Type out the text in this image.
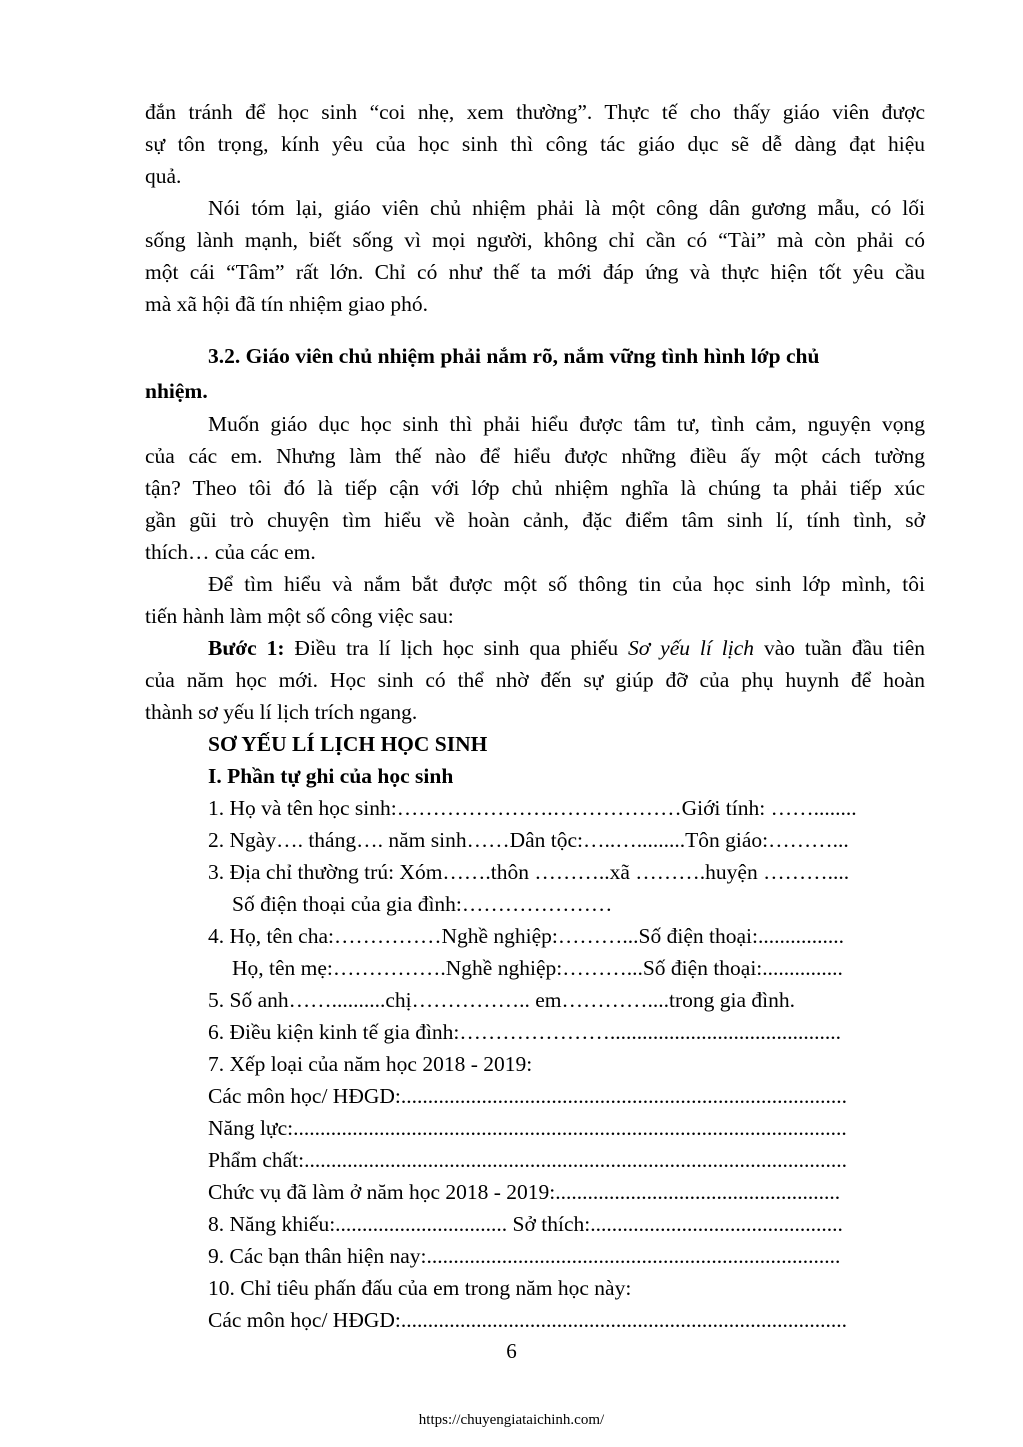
đắn tránh để học sinh “coi nhẹ, xem thường”. Thực tế cho thấy giáo viên được
sự tôn trọng, kính yêu của học sinh thì công tác giáo dục sẽ dễ dàng đạt hiệu
quả.
Nói tóm lại, giáo viên chủ nhiệm phải là một công dân gương mẫu, có lối
sống lành mạnh, biết sống vì mọi người, không chỉ cần có “Tài” mà còn phải có
một cái “Tâm” rất lớn. Chỉ có như thế ta mới đáp ứng và thực hiện tốt yêu cầu
mà xã hội đã tín nhiệm giao phó.
3.2. Giáo viên chủ nhiệm phải nắm rõ, nắm vững tình hình lớp chủ
nhiệm.
Muốn giáo dục học sinh thì phải hiểu được tâm tư, tình cảm, nguyện vọng
của các em. Nhưng làm thế nào để hiểu được những điều ấy một cách tường
tận? Theo tôi đó là tiếp cận với lớp chủ nhiệm nghĩa là chúng ta phải tiếp xúc
gần gũi trò chuyện tìm hiểu về hoàn cảnh, đặc điểm tâm sinh lí, tính tình, sở
thích… của các em.
Để tìm hiểu và nắm bắt được một số thông tin của học sinh lớp mình, tôi
tiến hành làm một số công việc sau:
Bước 1: Điều tra lí lịch học sinh qua phiếu Sơ yếu lí lịch vào tuần đầu tiên
của năm học mới. Học sinh có thể nhờ đến sự giúp đỡ của phụ huynh để hoàn
thành sơ yếu lí lịch trích ngang.
SƠ YẾU LÍ LỊCH HỌC SINH
I. Phần tự ghi của học sinh
1. Họ và tên học sinh:………………….………………Giới tính: ……........
2. Ngày…. tháng…. năm sinh……Dân tộc:…..….........Tôn giáo:………...
3. Địa chỉ thường trú: Xóm…….thôn ………..xã ……….huyện ………....
Số điện thoại của gia đình:…………………
4. Họ, tên cha:……………Nghề nghiệp:………...Số điện thoại:................
Họ, tên mẹ:…………….Nghề nghiệp:………...Số điện thoại:...............
5. Số anh……..........chị…………….. em…………....trong gia đình.
6. Điều kiện kinh tế gia đình:…………………...........................................
7. Xếp loại của năm học 2018 - 2019:
Các môn học/ HĐGD:...................................................................................
Năng lực:.......................................................................................................
Phẩm chất:.....................................................................................................
Chức vụ đã làm ở năm học 2018 - 2019:.....................................................
8. Năng khiếu:................................ Sở thích:...............................................
9. Các bạn thân hiện nay:.............................................................................
10. Chỉ tiêu phấn đấu của em trong năm học này:
Các môn học/ HĐGD:...................................................................................
6
https://chuyengiataichinh.com/
